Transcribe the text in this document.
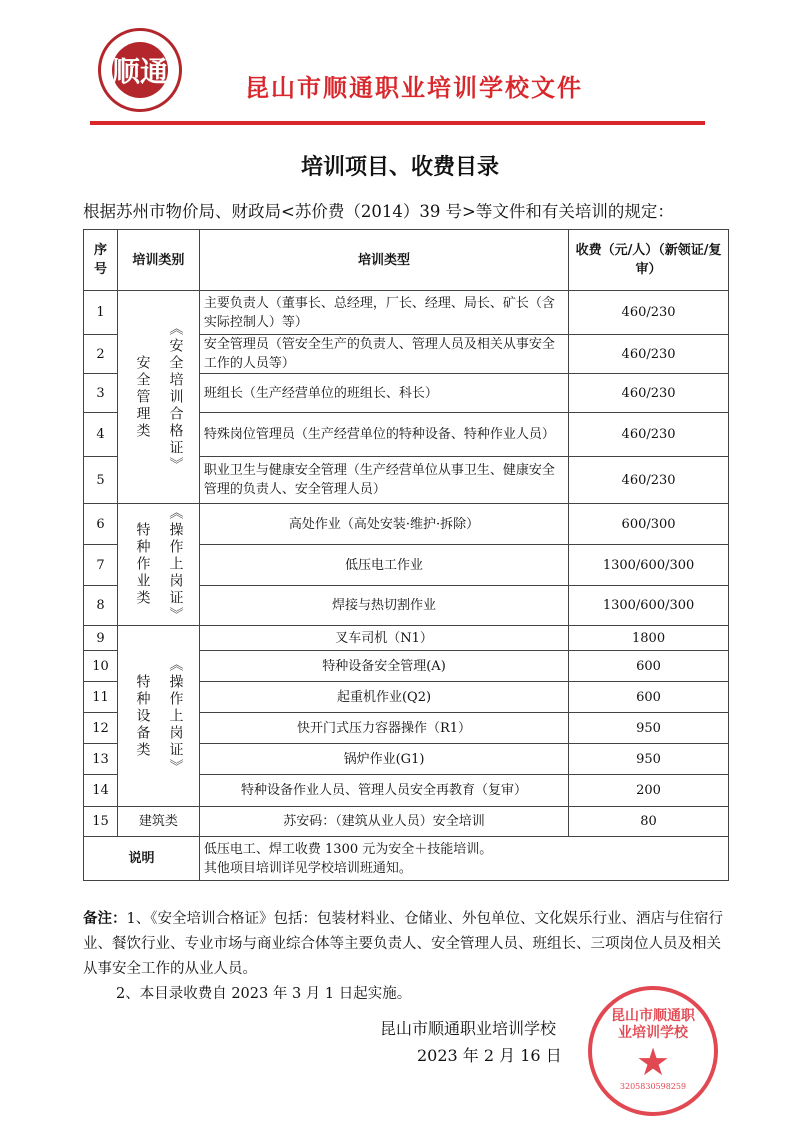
顺通	昆山市顺通职业培训学校文件
培训项目、收费目录
根据苏州市物价局、财政局<苏价费（2014）39 号>等文件和有关培训的规定：
序号	培训类别	培训类型	收费（元/人）（新领证/复审）
1	安全管理类 《安全培训合格证》	主要负责人（董事长、总经理，厂长、经理、局长、矿长（含实际控制人）等）	460/230
2		安全管理员（管安全生产的负责人、管理人员及相关从事安全工作的人员等）	460/230
3		班组长（生产经营单位的班组长、科长）	460/230
4		特殊岗位管理员（生产经营单位的特种设备、特种作业人员）	460/230
5		职业卫生与健康安全管理（生产经营单位从事卫生、健康安全管理的负责人、安全管理人员）	460/230
6	特种作业类 《操作上岗证》	高处作业（高处安装·维护·拆除）	600/300
7		低压电工作业	1300/600/300
8		焊接与热切割作业	1300/600/300
9	特种设备类 《操作上岗证》	叉车司机（N1）	1800
10		特种设备安全管理(A)	600
11		起重机作业(Q2)	600
12		快开门式压力容器操作（R1）	950
13		锅炉作业(G1)	950
14		特种设备作业人员、管理人员安全再教育（复审）	200
15	建筑类	苏安码：（建筑从业人员）安全培训	80
说明		低压电工、焊工收费 1300 元为安全＋技能培训。
其他项目培训详见学校培训班通知。	
备注：1、《安全培训合格证》包括：包装材料业、仓储业、外包单位、文化娱乐行业、酒店与住宿行业、餐饮行业、专业市场与商业综合体等主要负责人、安全管理人员、班组长、三项岗位人员及相关从事安全工作的从业人员。
2、本目录收费自 2023 年 3 月 1 日起实施。
昆山市顺通职业培训学校
2023 年 2 月 16 日
昆山市顺通职业培训学校
★
3205830598259
